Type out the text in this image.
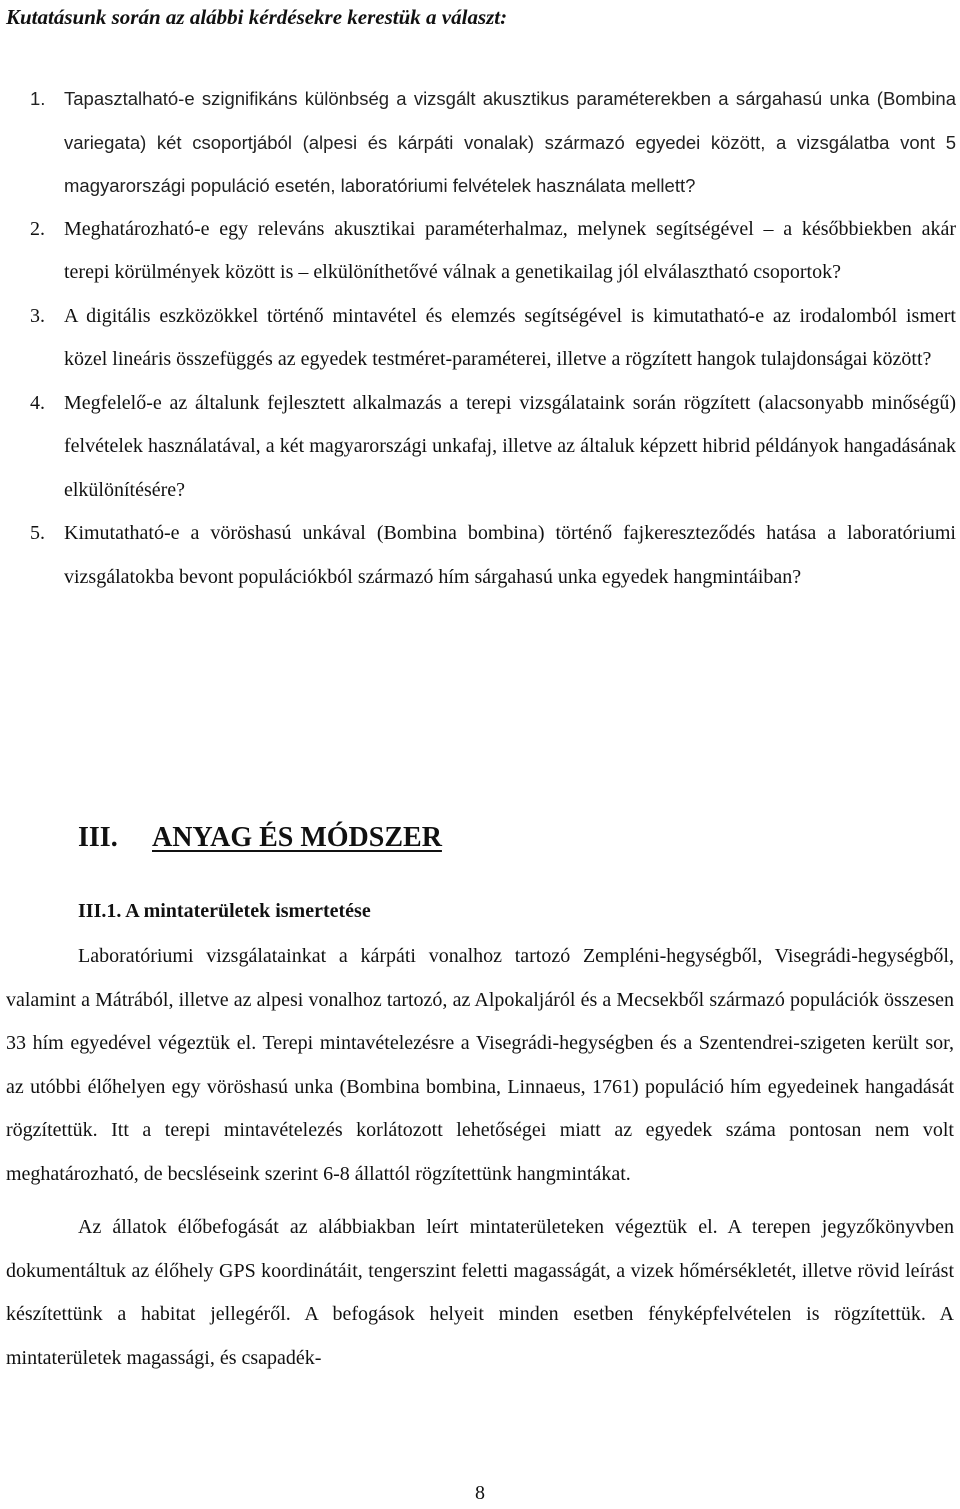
Kutatásunk során az alábbi kérdésekre kerestük a választ:
1. Tapasztalható-e szignifikáns különbség a vizsgált akusztikus paraméterekben a sárgahasú unka (Bombina variegata) két csoportjából (alpesi és kárpáti vonalak) származó egyedei között, a vizsgálatba vont 5 magyarországi populáció esetén, laboratóriumi felvételek használata mellett?
2. Meghatározható-e egy releváns akusztikai paraméterhalmaz, melynek segítségével – a későbbiekben akár terepi körülmények között is – elkülöníthetővé válnak a genetikailag jól elválasztható csoportok?
3. A digitális eszközökkel történő mintavétel és elemzés segítségével is kimutatható-e az irodalomból ismert közel lineáris összefüggés az egyedek testméret-paraméterei, illetve a rögzített hangok tulajdonságai között?
4. Megfelelő-e az általunk fejlesztett alkalmazás a terepi vizsgálataink során rögzített (alacsonyabb minőségű) felvételek használatával, a két magyarországi unkafaj, illetve az általuk képzett hibrid példányok hangadásának elkülönítésére?
5. Kimutatható-e a vöröshasú unkával (Bombina bombina) történő fajkereszteződés hatása a laboratóriumi vizsgálatokba bevont populációkból származó hím sárgahasú unka egyedek hangmintáiban?
III. ANYAG ÉS MÓDSZER
III.1. A mintaterületek ismertetése

Laboratóriumi vizsgálatainkat a kárpáti vonalhoz tartozó Zempléni-hegységből, Visegrádi-hegységből, valamint a Mátrából, illetve az alpesi vonalhoz tartozó, az Alpokaljáról és a Mecsekből származó populációk összesen 33 hím egyedével végeztük el. Terepi mintavételezésre a Visegrádi-hegységben és a Szentendrei-szigeten került sor, az utóbbi élőhelyen egy vöröshasú unka (Bombina bombina, Linnaeus, 1761) populáció hím egyedeinek hangadását rögzítettük. Itt a terepi mintavételezés korlátozott lehetőségei miatt az egyedek száma pontosan nem volt meghatározható, de becsléseink szerint 6-8 állattól rögzítettünk hangmintákat.

Az állatok élőbefogását az alábbiakban leírt mintaterületeken végeztük el. A terepen jegyzőkönyvben dokumentáltuk az élőhely GPS koordinátáit, tengerszint feletti magasságát, a vizek hőmérsékletét, illetve rövid leírást készítettünk a habitat jellegéről. A befogások helyeit minden esetben fényképfelvételen is rögzítettük. A mintaterületek magassági, és csapadék-

8
